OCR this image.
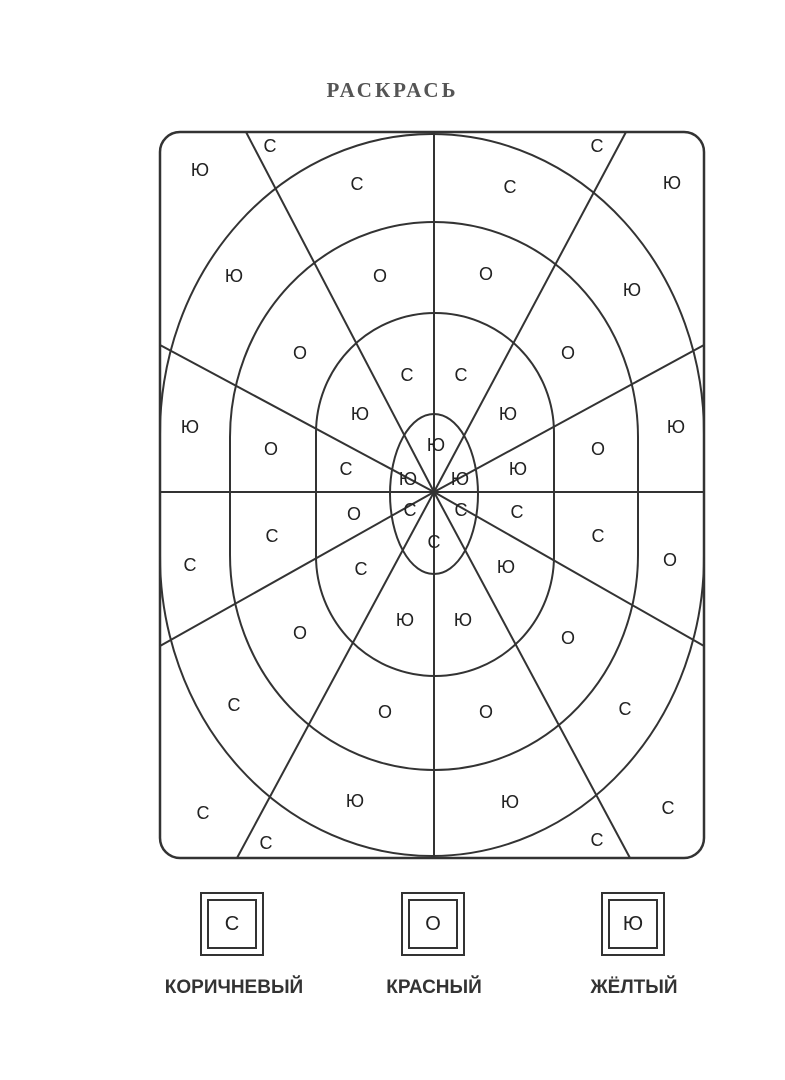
РАСКРАСЬ
Ю
С
С	С
С
Ю
Ю	О	О
Ю
О
С С
О
Ю
Ю	Ю
Ю
О	Ю
С	Ю Ю
О
Ю
С
С
О С С С
С
О
С
С
Ю
О
С	С
О
Ю Ю
О	О
С	С
Ю	Ю
С	С
С
КОРИЧНЕВЫЙ
О
КРАСНЫЙ
Ю
ЖЁЛТЫЙ
